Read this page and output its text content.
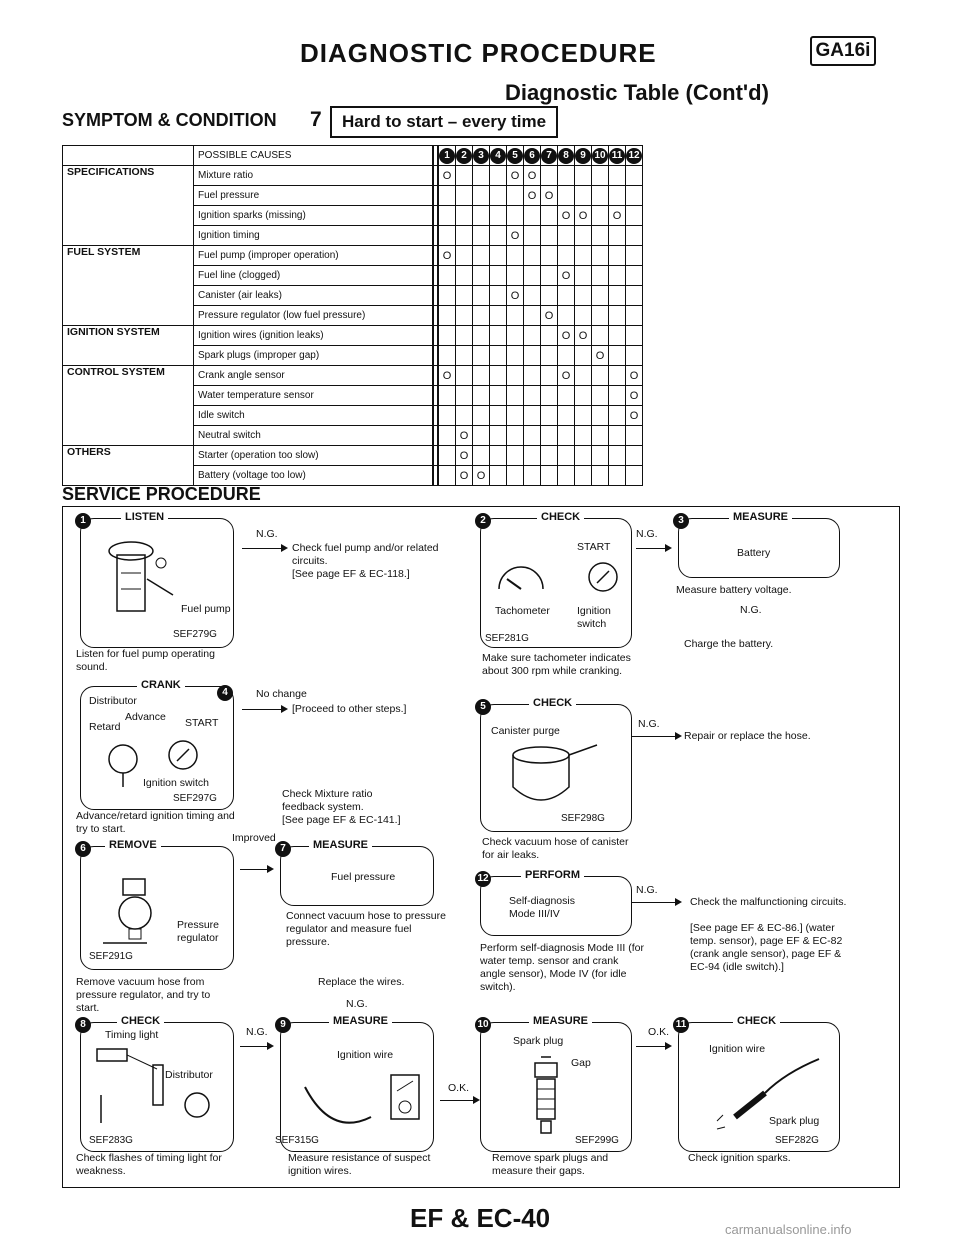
DIAGNOSTIC PROCEDURE	GA16i
Diagnostic Table (Cont'd)
SYMPTOM & CONDITION 7	Hard to start – every time
	POSSIBLE CAUSES		1	2	3	4	5	6	7	8	9	10	11	12
SPECIFICATIONS	Mixture ratio		O				O	O						
	Fuel pressure							O	O					
	Ignition sparks (missing)									O	O		O	
	Ignition timing						O							
FUEL SYSTEM	Fuel pump (improper operation)		O											
	Fuel line (clogged)									O				
	Canister (air leaks)						O							
	Pressure regulator (low fuel pressure)								O					
IGNITION SYSTEM	Ignition wires (ignition leaks)									O	O			
	Spark plugs (improper gap)											O		
CONTROL SYSTEM	Crank angle sensor		O							O				O
	Water temperature sensor													O
	Idle switch													O
	Neutral switch			O										
OTHERS	Starter (operation too slow)			O										
	Battery (voltage too low)			O	O									
SERVICE PROCEDURE
LISTEN
1
Fuel pump
SEF279G
Listen for fuel pump operating sound.
N.G.
Check fuel pump and/or related circuits.
[See page EF & EC-118.]
CRANK
4
Distributor
Retard
Advance START
Ignition switch
SEF297G
Advance/retard ignition timing and try to start.
No change
[Proceed to other steps.]
Check Mixture ratio feedback system.
[See page EF & EC-141.]
Improved
REMOVE
6
Pressure regulator
SEF291G
Remove vacuum hose from pressure regulator, and try to start.
MEASURE
7
Fuel pressure
Connect vacuum hose to pressure regulator and measure fuel pressure.
Replace the wires.
N.G.
CHECK
8
Timing light
Distributor
SEF283G
Check flashes of timing light for weakness.
N.G.
MEASURE
9
Ignition wire
SEF315G
Measure resistance of suspect ignition wires.
O.K.
CHECK
2
START
Tachometer	Ignition switch
SEF281G
Make sure tachometer indicates about 300 rpm while cranking.
N.G.
MEASURE
3
Battery
Measure battery voltage.
N.G.
Charge the battery.
CHECK
5
Canister purge
SEF298G
Check vacuum hose of canister for air leaks.
N.G.
Repair or replace the hose.
PERFORM
12
Self-diagnosis Mode III/IV
Perform self-diagnosis Mode III (for water temp. sensor and crank angle sensor), Mode IV (for idle switch).
N.G.
Check the malfunctioning circuits.
[See page EF & EC-86.] (water temp. sensor), page EF & EC-82 (crank angle sensor), page EF & EC-94 (idle switch).]
MEASURE
10
Spark plug
Gap
SEF299G
Remove spark plugs and measure their gaps.
O.K.
CHECK
11
Ignition wire
Spark plug
SEF282G
Check ignition sparks.
EF & EC-40	carmanualsonline.info
